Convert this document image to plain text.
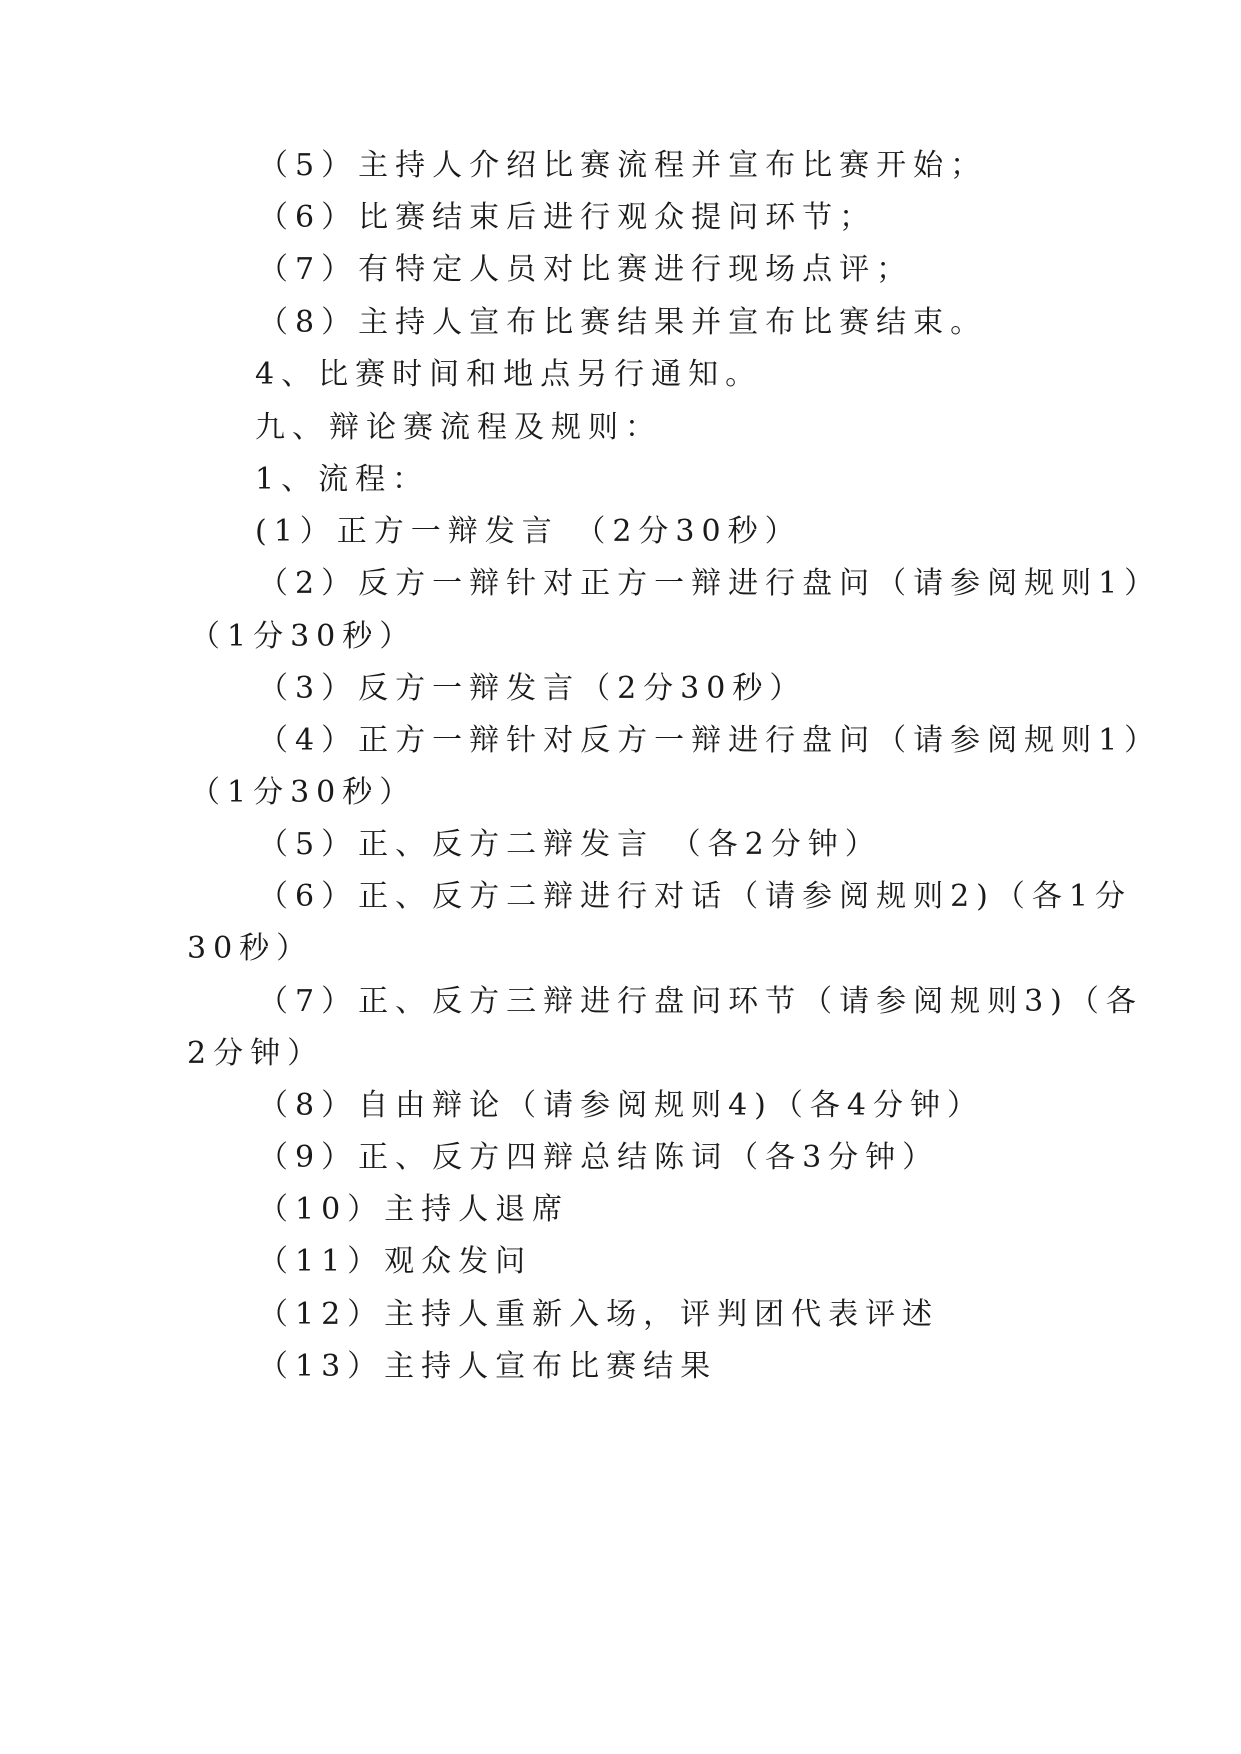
（5）主持人介绍比赛流程并宣布比赛开始；
（6）比赛结束后进行观众提问环节；
（7）有特定人员对比赛进行现场点评；
（8）主持人宣布比赛结果并宣布比赛结束。
4、比赛时间和地点另行通知。
九、辩论赛流程及规则：
1、流程：
(1）正方一辩发言 （2分30秒）
（2）反方一辩针对正方一辩进行盘问（请参阅规则1）
（1分30秒）
（3）反方一辩发言（2分30秒）
（4）正方一辩针对反方一辩进行盘问（请参阅规则1）
（1分30秒）
（5）正、反方二辩发言 （各2分钟）
（6）正、反方二辩进行对话（请参阅规则2)（各1分
30秒）
（7）正、反方三辩进行盘问环节（请参阅规则3)（各
2分钟）
（8）自由辩论（请参阅规则4)（各4分钟）
（9）正、反方四辩总结陈词（各3分钟）
（10）主持人退席
（11）观众发问
（12）主持人重新入场，评判团代表评述
（13）主持人宣布比赛结果
